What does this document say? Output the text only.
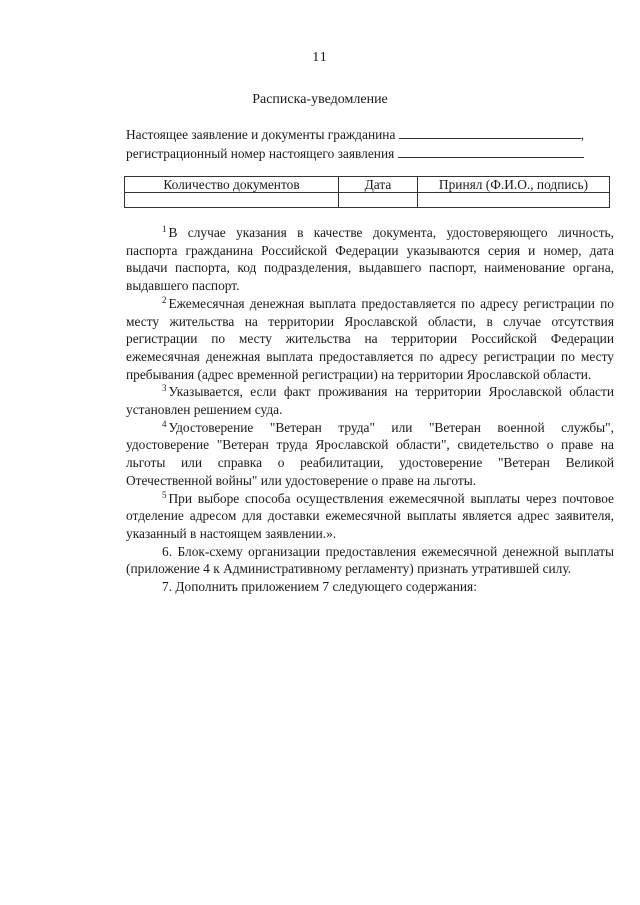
11
Расписка-уведомление
Настоящее заявление и документы гражданина	,
регистрационный номер настоящего заявления
Количество документов	Дата	Принял (Ф.И.О., подпись)

$^1$ В случае указания в качестве документа, удостоверяющего личность, паспорта гражданина Российской Федерации указываются серия и номер, дата выдачи паспорта, код подразделения, выдавшего паспорт, наименование органа, выдавшего паспорт.

$^2$ Ежемесячная денежная выплата предоставляется по адресу регистрации по месту жительства на территории Ярославской области, в случае отсутствия регистрации по месту жительства на территории Российской Федерации ежемесячная денежная выплата предоставляется по адресу регистрации по месту пребывания (адрес временной регистрации) на территории Ярославской области.

$^3$ Указывается, если факт проживания на территории Ярославской области установлен решением суда.

$^4$ Удостоверение "Ветеран труда" или "Ветеран военной службы", удостоверение "Ветеран труда Ярославской области", свидетельство о праве на льготы или справка о реабилитации, удостоверение "Ветеран Великой Отечественной войны" или удостоверение о праве на льготы.

$^5$ При выборе способа осуществления ежемесячной выплаты через почтовое отделение адресом для доставки ежемесячной выплаты является адрес заявителя, указанный в настоящем заявлении.».

6. Блок-схему организации предоставления ежемесячной денежной выплаты (приложение 4 к Административному регламенту) признать утратившей силу.

7. Дополнить приложением 7 следующего содержания:
